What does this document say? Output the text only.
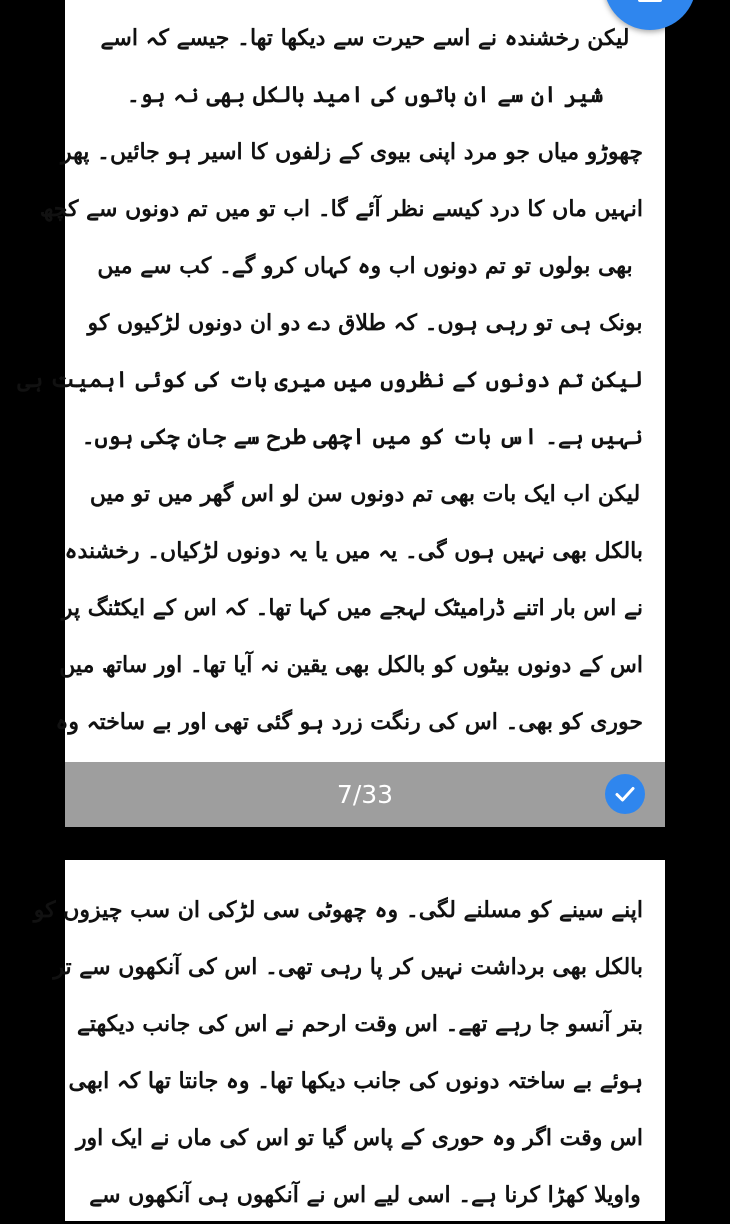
لیکن رخشندہ نے اسے حیرت سے دیکھا تھا۔ جیسے کہ اسے
شیر ان سے ان باتوں کی امید بالکل بھی نہ ہو۔
چھوڑو میاں جو مرد اپنی بیوی کے زلفوں کا اسیر ہو جائیں۔ پھر
انہیں ماں کا درد کیسے نظر آئے گا۔ اب تو میں تم دونوں سے کچھ
بھی بولوں تو تم دونوں اب وہ کہاں کرو گے۔ کب سے میں
بونک ہی تو رہی ہوں۔ کہ طلاق دے دو ان دونوں لڑکیوں کو
لیکن تم دونوں کے نظروں میں میری بات کی کوئی اہمیت ہی
نہیں ہے۔ اس بات کو میں اچھی طرح سے جان چکی ہوں۔
لیکن اب ایک بات بھی تم دونوں سن لو اس گھر میں تو میں
بالکل بھی نہیں ہوں گی۔ یہ میں یا یہ دونوں لڑکیاں۔ رخشندہ
نے اس بار اتنے ڈرامیٹک لہجے میں کہا تھا۔ کہ اس کے ایکٹنگ پر
اس کے دونوں بیٹوں کو بالکل بھی یقین نہ آیا تھا۔ اور ساتھ میں
حوری کو بھی۔ اس کی رنگت زرد ہو گئی تھی اور بے ساختہ وہ
7/33
اپنے سینے کو مسلنے لگی۔ وہ چھوٹی سی لڑکی ان سب چیزوں کو
بالکل بھی برداشت نہیں کر پا رہی تھی۔ اس کی آنکھوں سے تر
بتر آنسو جا رہے تھے۔ اس وقت ارحم نے اس کی جانب دیکھتے
ہوئے بے ساختہ دونوں کی جانب دیکھا تھا۔ وہ جانتا تھا کہ ابھی
اس وقت اگر وہ حوری کے پاس گیا تو اس کی ماں نے ایک اور
واویلا کھڑا کرنا ہے۔ اسی لیے اس نے آنکھوں ہی آنکھوں سے
